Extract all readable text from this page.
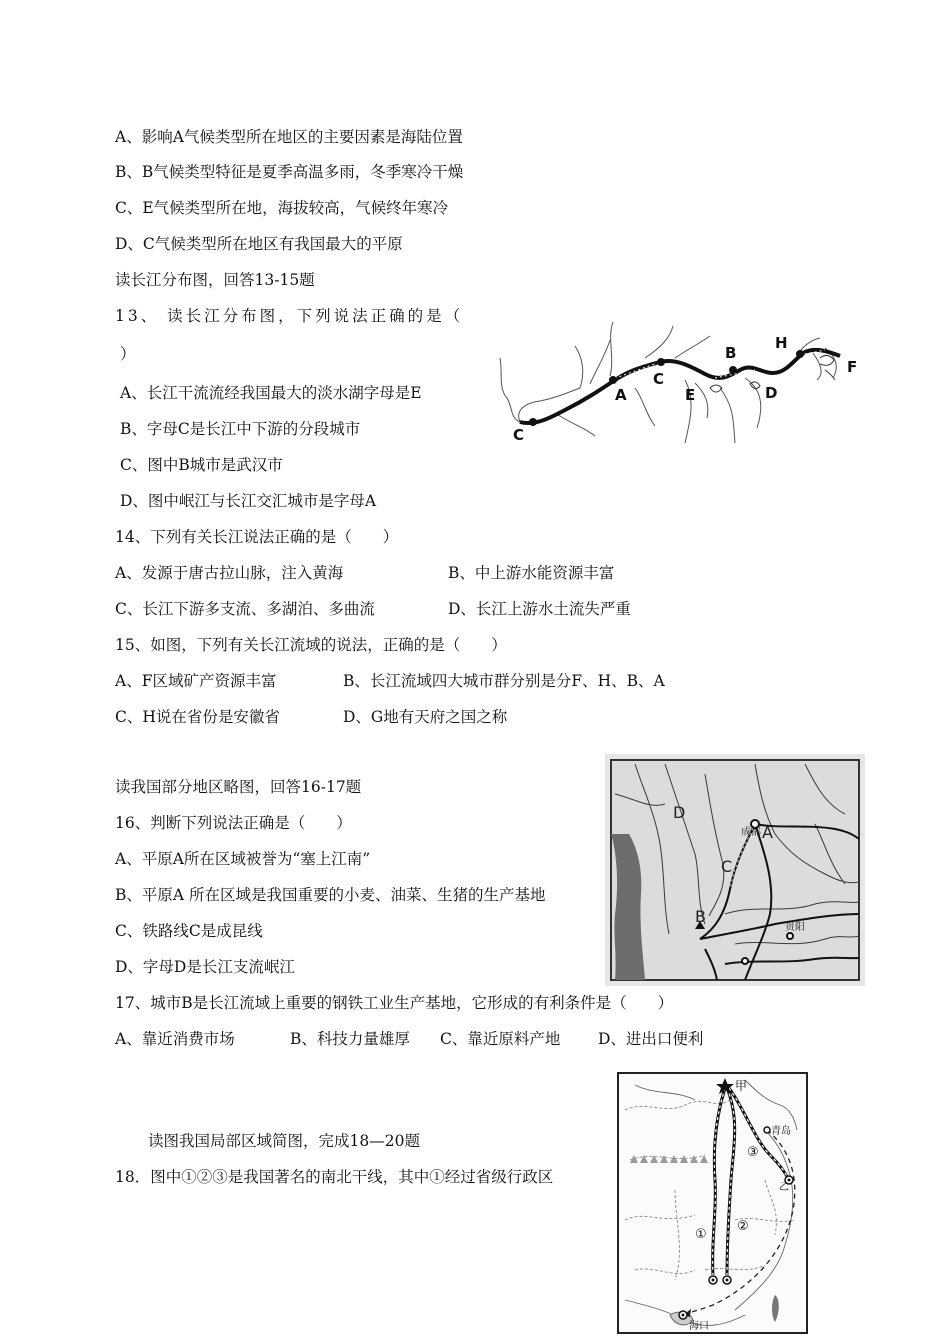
A、影响A气候类型所在地区的主要因素是海陆位置
B、B气候类型特征是夏季高温多雨，冬季寒冷干燥
C、E气候类型所在地，海拔较高，气候终年寒冷
D、C气候类型所在地区有我国最大的平原
读长江分布图，回答13-15题
13、 读长江分布图，下列说法正确的是（
）
A、长江干流流经我国最大的淡水湖字母是E
B、字母C是长江中下游的分段城市
C、图中B城市是武汉市
D、图中岷江与长江交汇城市是字母A
C
A
C
E
B
H
D
F
14、下列有关长江说法正确的是（　　）
A、发源于唐古拉山脉，注入黄海	B、中上游水能资源丰富
C、长江下游多支流、多湖泊、多曲流	D、长江上游水土流失严重
15、如图，下列有关长江流域的说法，正确的是（　　）
A、F区域矿产资源丰富	B、长江流域四大城市群分别是分F、H、B、A
C、H说在省份是安徽省	D、G地有天府之国之称
读我国部分地区略图，回答16-17题
16、判断下列说法正确是（　　）
A、平原A所在区域被誉为“塞上江南”
B、平原A 所在区域是我国重要的小麦、油菜、生猪的生产基地
C、铁路线C是成昆线
D、字母D是长江支流岷江
D
成都 A
C
B
贵阳
17、城市B是长江流域上重要的钢铁工业生产基地，它形成的有利条件是（　　）
A、靠近消费市场	B、科技力量雄厚 C、靠近原料产地 D、进出口便利
读图我国局部区域简图，完成18—20题
18．图中①②③是我国著名的南北干线，其中①经过省级行政区
甲
青岛
③
②
①
海口
乙
